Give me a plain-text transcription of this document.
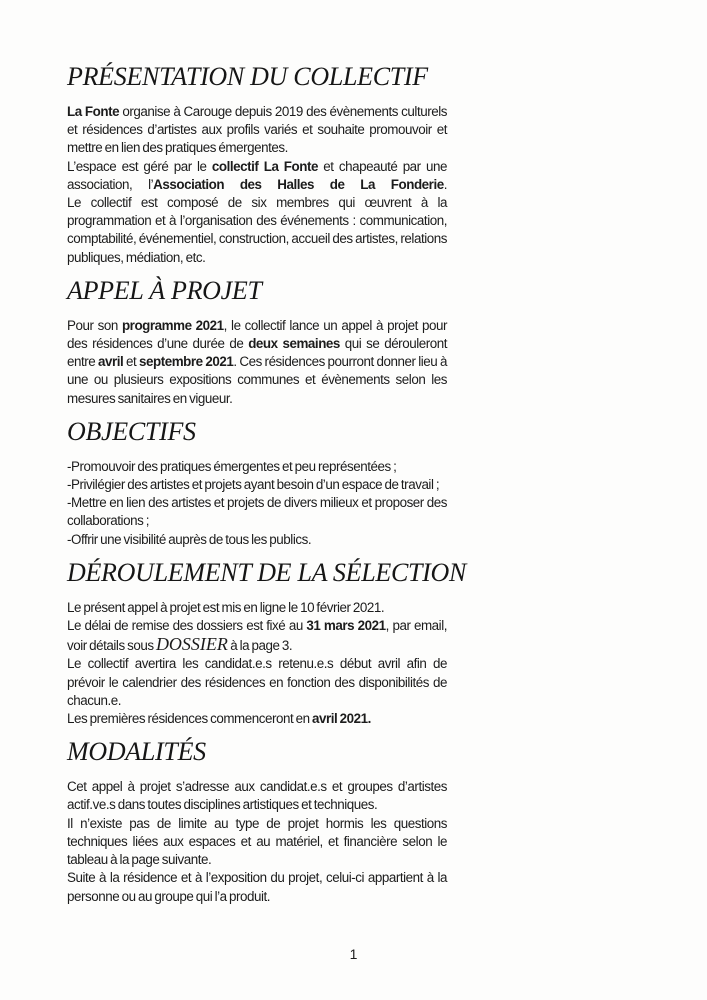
PRÉSENTATION DU COLLECTIF

La Fonte organise à Carouge depuis 2019 des évènements culturels et résidences d’artistes aux profils variés et souhaite promouvoir et mettre en lien des pratiques émergentes.

L’espace est géré par le collectif La Fonte et chapeauté par une association, l’Association des Halles de La Fonderie.

Le collectif est composé de six membres qui œuvrent à la programmation et à l’organisation des événements : communication, comptabilité, événementiel, construction, accueil des artistes, relations publiques, médiation, etc.

APPEL À PROJET

Pour son programme 2021, le collectif lance un appel à projet pour des résidences d’une durée de deux semaines qui se dérouleront entre avril et septembre 2021. Ces résidences pourront donner lieu à une ou plusieurs expositions communes et évènements selon les mesures sanitaires en vigueur.

OBJECTIFS

-Promouvoir des pratiques émergentes et peu représentées ;

-Privilégier des artistes et projets ayant besoin d’un espace de travail ;

-Mettre en lien des artistes et projets de divers milieux et proposer des collaborations ;

-Offrir une visibilité auprès de tous les publics.

DÉROULEMENT DE LA SÉLECTION

Le présent appel à projet est mis en ligne le 10 février 2021.

Le délai de remise des dossiers est fixé au 31 mars 2021, par email, voir détails sous DOSSIER à la page 3.

Le collectif avertira les candidat.e.s retenu.e.s début avril afin de prévoir le calendrier des résidences en fonction des disponibilités de chacun.e.

Les premières résidences commenceront en avril 2021.

MODALITÉS

Cet appel à projet s’adresse aux candidat.e.s et groupes d’artistes actif.ve.s dans toutes disciplines artistiques et techniques.

Il n’existe pas de limite au type de projet hormis les questions techniques liées aux espaces et au matériel, et financière selon le tableau à la page suivante.

Suite à la résidence et à l’exposition du projet, celui-ci appartient à la personne ou au groupe qui l’a produit.

1
